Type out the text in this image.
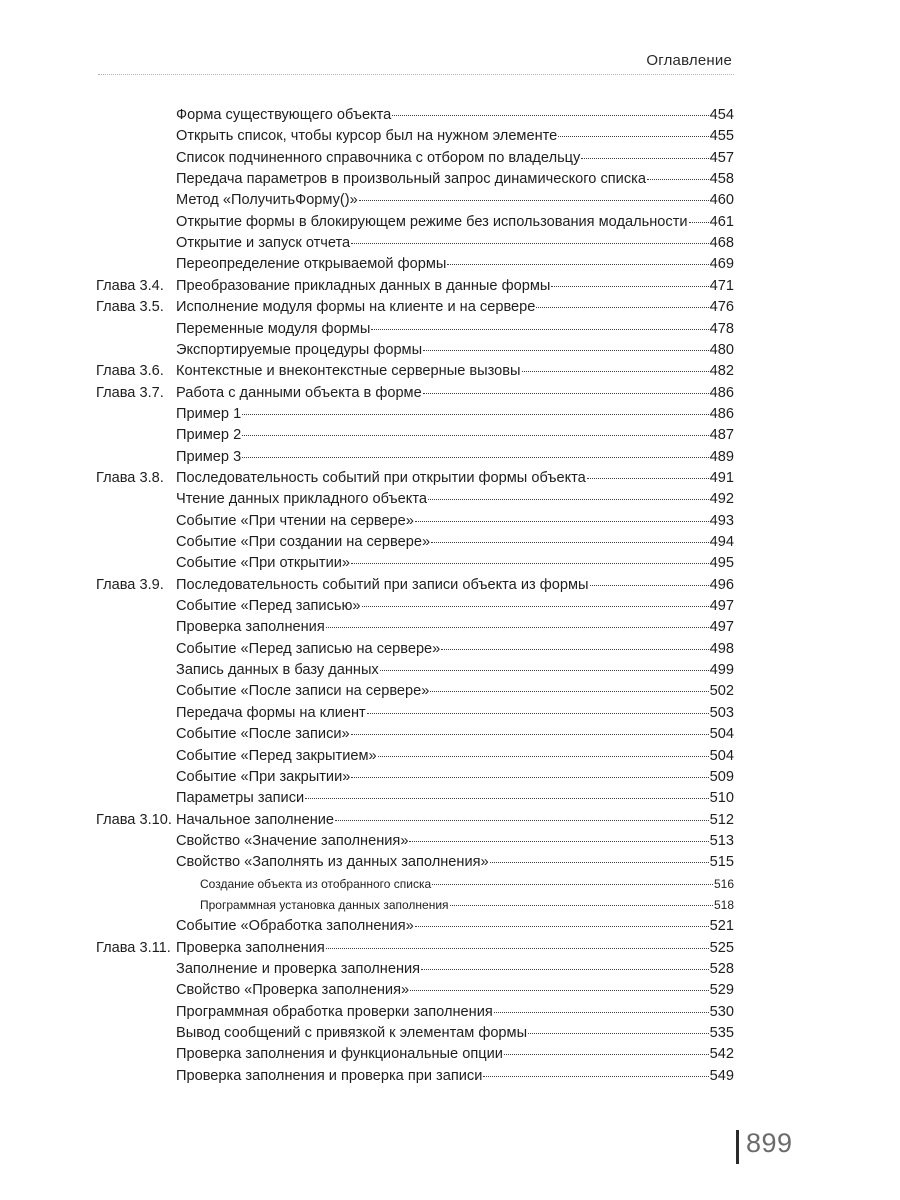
Оглавление
Форма существующего объекта	454
Открыть список, чтобы курсор был на нужном элементе	455
Список подчиненного справочника с отбором по владельцу	457
Передача параметров в произвольный запрос динамического списка	458
Метод «ПолучитьФорму()»	460
Открытие формы в блокирующем режиме без использования модальности 461
Открытие и запуск отчета	468
Переопределение открываемой формы	469
Глава 3.4. Преобразование прикладных данных в данные формы	471
Глава 3.5. Исполнение модуля формы на клиенте и на сервере	476
Переменные модуля формы	478
Экспортируемые процедуры формы	480
Глава 3.6. Контекстные и внеконтекстные серверные вызовы	482
Глава 3.7. Работа с данными объекта в форме	486
Пример 1	486
Пример 2	487
Пример 3	489
Глава 3.8. Последовательность событий при открытии формы объекта	491
Чтение данных прикладного объекта	492
Событие «При чтении на сервере»	493
Событие «При создании на сервере»	494
Событие «При открытии»	495
Глава 3.9. Последовательность событий при записи объекта из формы	496
Событие «Перед записью»	497
Проверка заполнения	497
Событие «Перед записью на сервере»	498
Запись данных в базу данных	499
Событие «После записи на сервере»	502
Передача формы на клиент	503
Событие «После записи»	504
Событие «Перед закрытием»	504
Событие «При закрытии»	509
Параметры записи	510
Глава 3.10. Начальное заполнение	512
Свойство «Значение заполнения»	513
Свойство «Заполнять из данных заполнения»	515
Создание объекта из отобранного списка	516
Программная установка данных заполнения	518
Событие «Обработка заполнения»	521
Глава 3.11. Проверка заполнения	525
Заполнение и проверка заполнения	528
Свойство «Проверка заполнения»	529
Программная обработка проверки заполнения	530
Вывод сообщений с привязкой к элементам формы	535
Проверка заполнения и функциональные опции	542
Проверка заполнения и проверка при записи	549
899
